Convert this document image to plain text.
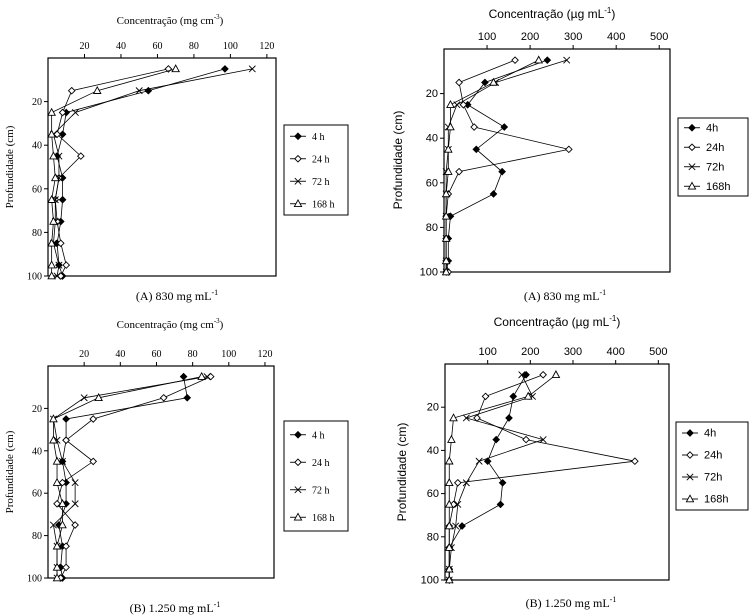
20	40	60	80 100 120
20
40
60
80
100
Concentração (mg $cm^{-3}$)
Profundidade (cm)	4 h
24 h
72 h
168 h
(A) 830 mg $mL^{-1}$
100 200 300 400 500
20
40
60
80
100
Concentração (µg $mL^{-1}$)
Profundidade (cm)	4h
24h
72h
168h
(A) 830 mg $mL^{-1}$
20	40	60	80 100 120
20
40
60
80
100
Concentração (mg $cm^{-3}$)
Profundidade (cm)	4 h
24 h
72 h
168 h
(B) 1.250 mg $mL^{-1}$
100 200 300 400 500
20
40
60
80
100
Concentração (µg $mL^{-1}$)
Profundidade (cm)	4h
24h
72h
168h
(B) 1.250 mg $mL^{-1}$
